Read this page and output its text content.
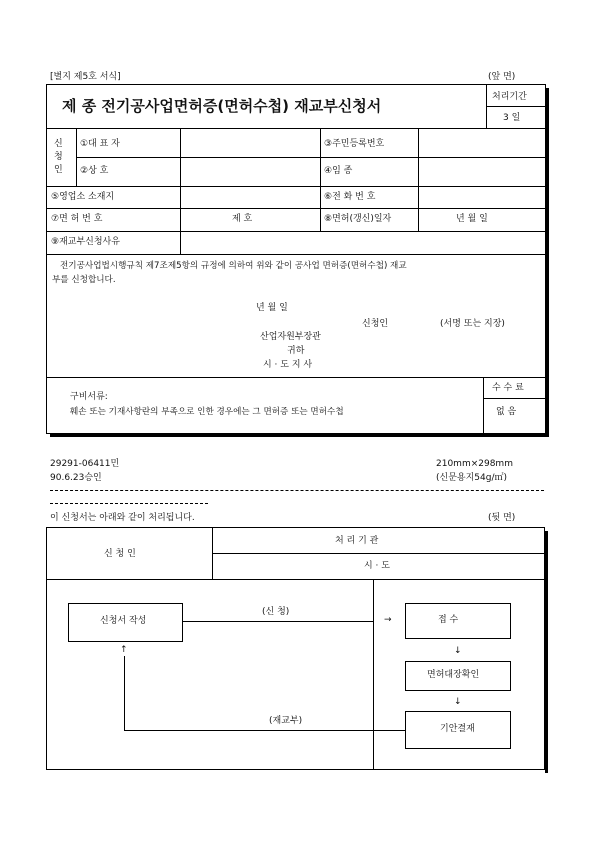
[별지 제5호 서식]	(앞 면)
제 종 전기공사업면허증(면허수첩) 재교부신청서	처리기간
3 일
신
청
인
①대 표 자	③주민등록번호
②상 호	④임 종
⑤영업소 소재지	⑥전 화 번 호
⑦면 허 번 호	제 호	⑧면허(갱신)일자	년 월 일
⑨재교부신청사유
전기공사업법시행규칙 제7조제5항의 규정에 의하여 위와 같이 공사업 면허증(면허수첩) 재교
부를 신청합니다.
년 월 일
신청인	(서명 또는 지장)
산업자원부장관
귀하
시 · 도 지 사
구비서류:
훼손 또는 기재사항란의 부족으로 인한 경우에는 그 면허증 또는 면허수첩
수 수 료
없 음
29291-06411민
90.6.23승인
210mm×298mm
(신문용지54g/㎡)
이 신청서는 아래와 같이 처리됩니다.	(뒷 면)
신 청 인
처 리 기 관
시 · 도
신청서 작성	접 수
면허대장확인
기안결재
(신 청)
→
↓
↓
↑
(재교부)
